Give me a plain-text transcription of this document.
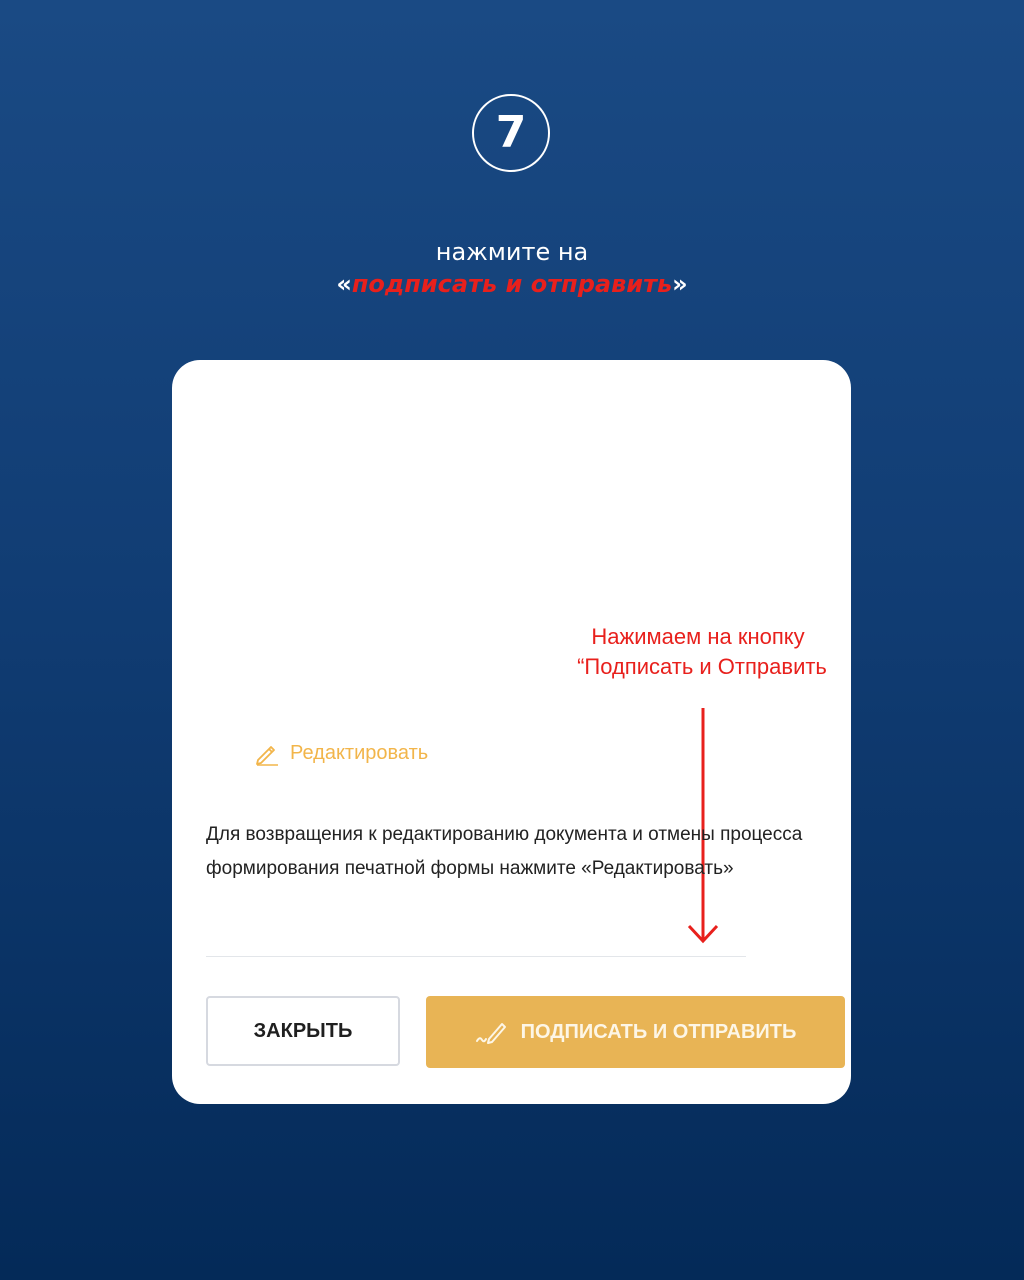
7
нажмите на
«подписать и отправить»
Нажимаем на кнопку
“Подписать и Отправить
Редактировать
Для возвращения к редактированию документа и отмены процесса формирования печатной формы нажмите «Редактировать»
ЗАКРЫТЬ	ПОДПИСАТЬ И ОТПРАВИТЬ
